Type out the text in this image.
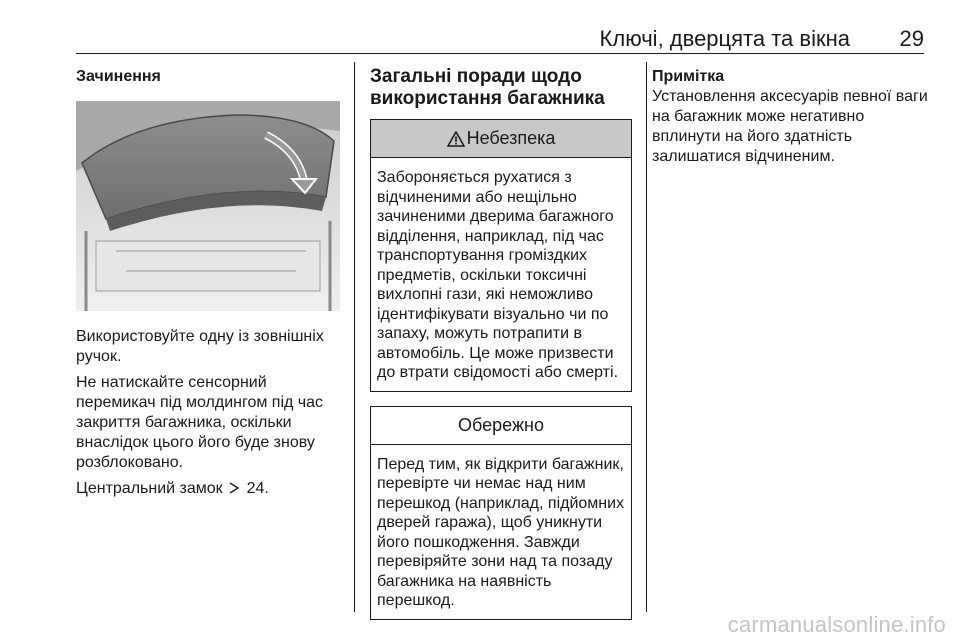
Ключі, дверцята та вікна	29
Зачинення

Використовуйте одну із зовнішніх ручок.

Не натискайте сенсорний перемикач під молдингом під час закриття багажника, оскільки внаслідок цього його буде знову розблоковано.

Центральний замок 24.

Загальні поради щодо використання багажника
Небезпека
Забороняється рухатися з відчиненими або нещільно зачиненими дверима багажного відділення, наприклад, під час транспортування громіздких предметів, оскільки токсичні вихлопні гази, які неможливо ідентифікувати візуально чи по запаху, можуть потрапити в автомобіль. Це може призвести до втрати свідомості або смерті.
Обережно
Перед тим, як відкрити багажник, перевірте чи немає над ним перешкод (наприклад, підйомних дверей гаража), щоб уникнути його пошкодження. Завжди перевіряйте зони над та позаду багажника на наявність перешкод.
Примітка

Установлення аксесуарів певної ваги на багажник може негативно вплинути на його здатність залишатися відчиненим.

carmanualsonline.info
